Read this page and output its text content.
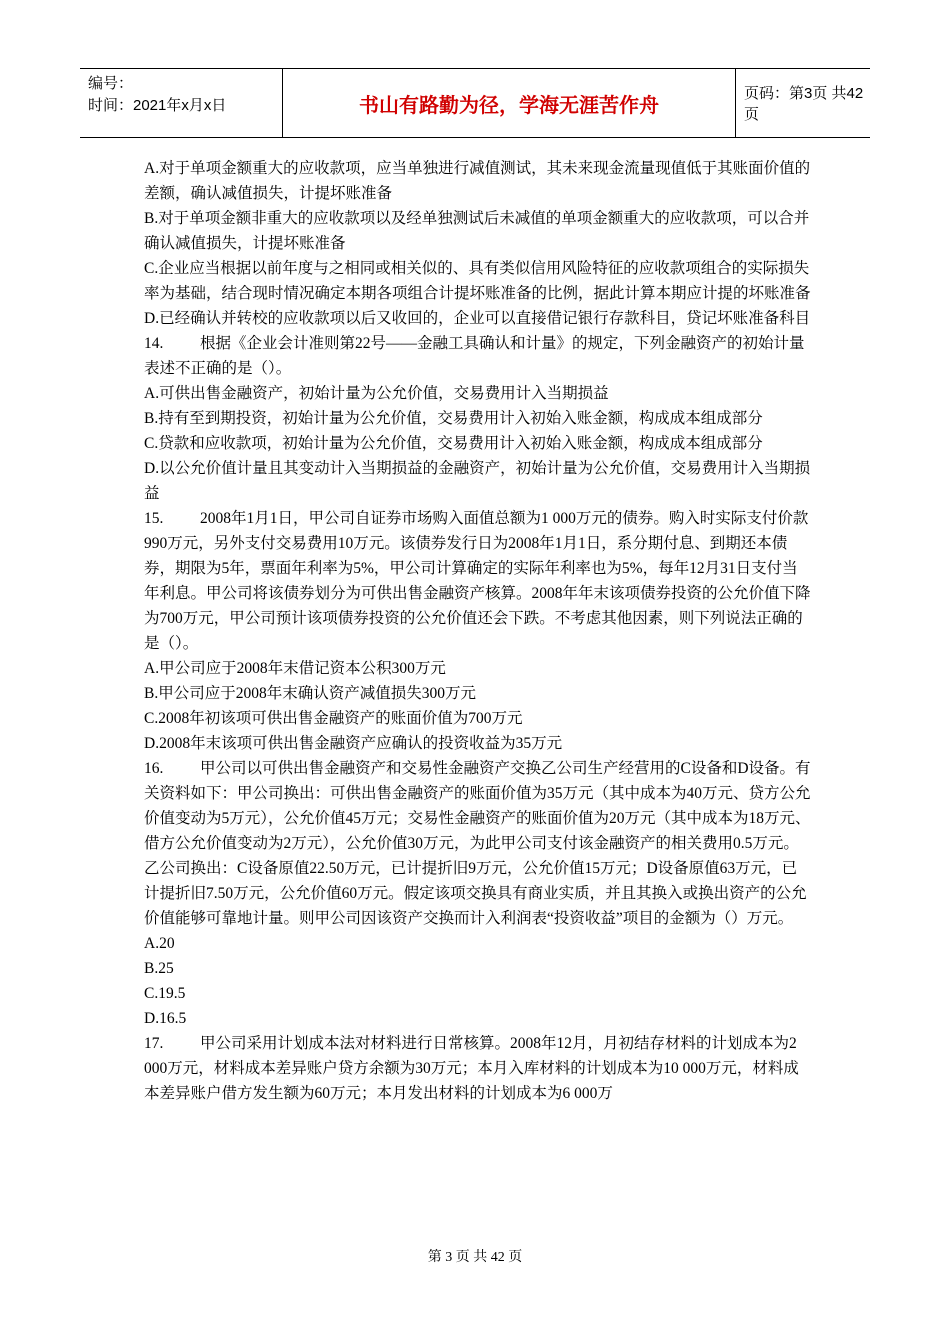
编号：
时间：2021年x月x日	书山有路勤为径，学海无涯苦作舟
页码：第3页 共42页

A.对于单项金额重大的应收款项，应当单独进行减值测试，其未来现金流量现值低于其账面价值的差额，确认减值损失，计提坏账准备

B.对于单项金额非重大的应收款项以及经单独测试后未减值的单项金额重大的应收款项，可以合并确认减值损失，计提坏账准备

C.企业应当根据以前年度与之相同或相关似的、具有类似信用风险特征的应收款项组合的实际损失率为基础，结合现时情况确定本期各项组合计提坏账准备的比例，据此计算本期应计提的坏账准备

D.已经确认并转校的应收款项以后又收回的，企业可以直接借记银行存款科目，贷记坏账准备科目

14. 根据《企业会计准则第22号——金融工具确认和计量》的规定，下列金融资产的初始计量表述不正确的是（）。

A.可供出售金融资产，初始计量为公允价值，交易费用计入当期损益

B.持有至到期投资，初始计量为公允价值，交易费用计入初始入账金额，构成成本组成部分

C.贷款和应收款项，初始计量为公允价值，交易费用计入初始入账金额，构成成本组成部分

D.以公允价值计量且其变动计入当期损益的金融资产，初始计量为公允价值，交易费用计入当期损益

15. 2008年1月1日，甲公司自证券市场购入面值总额为1 000万元的债券。购入时实际支付价款990万元，另外支付交易费用10万元。该债券发行日为2008年1月1日，系分期付息、到期还本债券，期限为5年，票面年利率为5%，甲公司计算确定的实际年利率也为5%，每年12月31日支付当年利息。甲公司将该债券划分为可供出售金融资产核算。2008年年末该项债券投资的公允价值下降为700万元，甲公司预计该项债券投资的公允价值还会下跌。不考虑其他因素，则下列说法正确的是（）。

A.甲公司应于2008年末借记资本公积300万元

B.甲公司应于2008年末确认资产减值损失300万元

C.2008年初该项可供出售金融资产的账面价值为700万元

D.2008年末该项可供出售金融资产应确认的投资收益为35万元

16. 甲公司以可供出售金融资产和交易性金融资产交换乙公司生产经营用的C设备和D设备。有关资料如下：甲公司换出：可供出售金融资产的账面价值为35万元（其中成本为40万元、贷方公允价值变动为5万元），公允价值45万元；交易性金融资产的账面价值为20万元（其中成本为18万元、借方公允价值变动为2万元），公允价值30万元，为此甲公司支付该金融资产的相关费用0.5万元。乙公司换出：C设备原值22.50万元，已计提折旧9万元，公允价值15万元；D设备原值63万元，已计提折旧7.50万元，公允价值60万元。假定该项交换具有商业实质，并且其换入或换出资产的公允价值能够可靠地计量。则甲公司因该资产交换而计入利润表“投资收益”项目的金额为（）万元。

A.20

B.25

C.19.5

D.16.5

17. 甲公司采用计划成本法对材料进行日常核算。2008年12月，月初结存材料的计划成本为2 000万元，材料成本差异账户贷方余额为30万元；本月入库材料的计划成本为10 000万元，材料成本差异账户借方发生额为60万元；本月发出材料的计划成本为6 000万

第 3 页 共 42 页
